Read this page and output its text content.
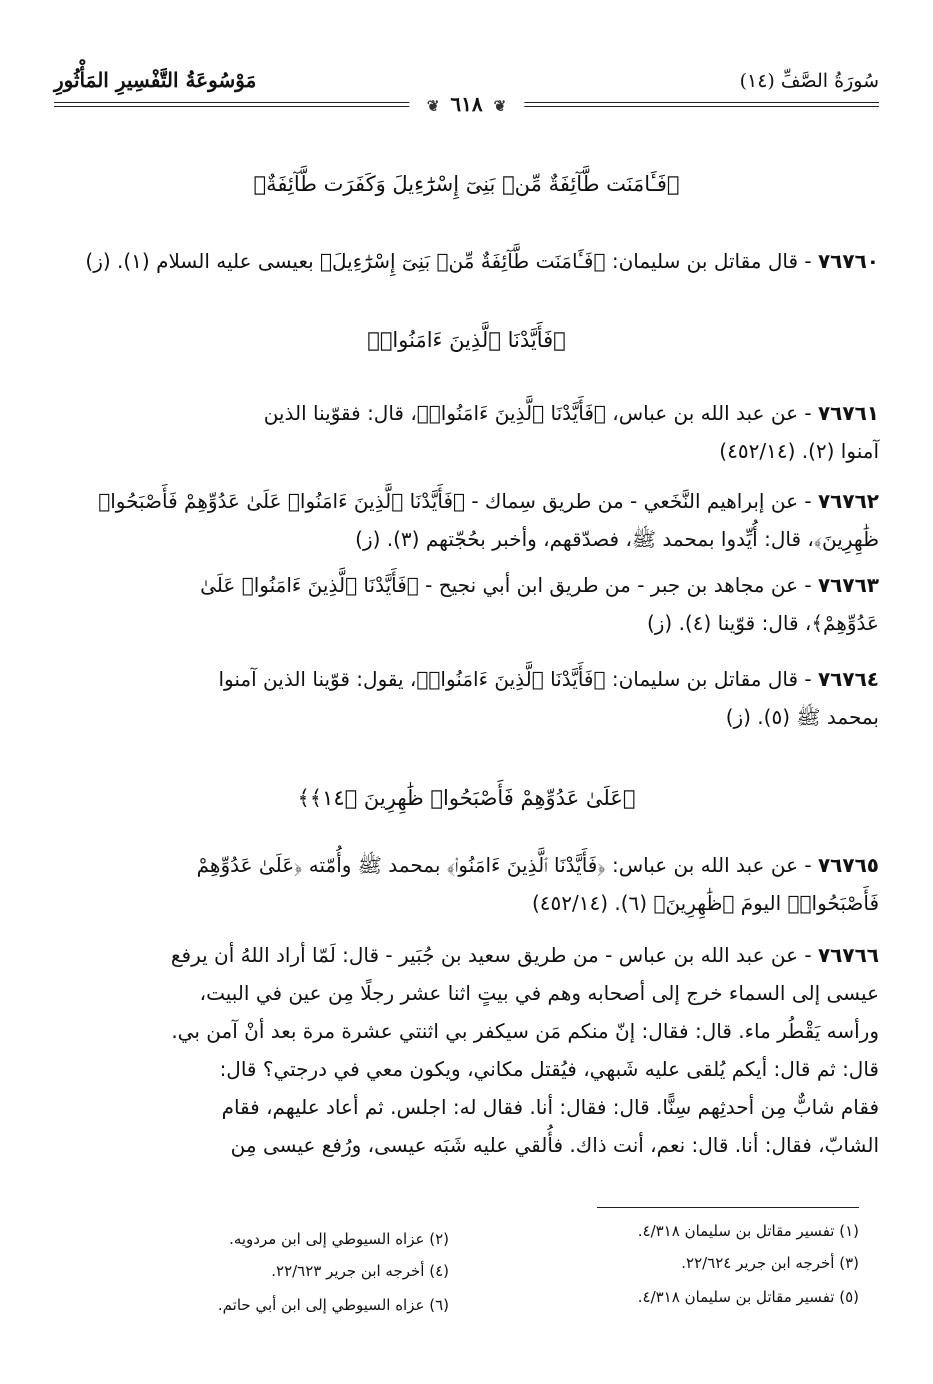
سُورَةُ الصَّفِّ (١٤)
مَوْسُوعَةُ التَّفْسِيرِ المَأْثُورِ
❦ ٦١٨ ❦
﴿فَـَٔامَنَت طَّآئِفَةٌ مِّنۢ بَنِىٓ إِسْرَٰٓءِيلَ وَكَفَرَت طَّآئِفَةٌ﴾
٧٦٧٦٠ - قال مقاتل بن سليمان: ﴿فَـَٔامَنَت طَّآئِفَةٌ مِّنۢ بَنِىٓ إِسْرَٰٓءِيلَ﴾ بعيسى عليه السلام (١). (ز)
﴿فَأَيَّدْنَا ٱلَّذِينَ ءَامَنُوا۟﴾
٧٦٧٦١ - عن عبد الله بن عباس، ﴿فَأَيَّدْنَا ٱلَّذِينَ ءَامَنُوا۟﴾، قال: فقوّينا الذين
آمنوا (٢). (٤٥٢/١٤)
٧٦٧٦٢ - عن إبراهيم النَّخَعي - من طريق سِماك - ﴿فَأَيَّدْنَا ٱلَّذِينَ ءَامَنُوا۟ عَلَىٰ عَدُوِّهِمْ فَأَصْبَحُوا۟
ظَٰهِرِينَ﴾، قال: أُيِّدوا بمحمد ﷺ، فصدّقهم، وأخبر بحُجّتهم (٣). (ز)
٧٦٧٦٣ - عن مجاهد بن جبر - من طريق ابن أبي نجيح - ﴿فَأَيَّدْنَا ٱلَّذِينَ ءَامَنُوا۟ عَلَىٰ
عَدُوِّهِمْ﴾، قال: قوّينا (٤). (ز)
٧٦٧٦٤ - قال مقاتل بن سليمان: ﴿فَأَيَّدْنَا ٱلَّذِينَ ءَامَنُوا۟﴾، يقول: قوّينا الذين آمنوا
بمحمد ﷺ (٥). (ز)
﴿عَلَىٰ عَدُوِّهِمْ فَأَصْبَحُوا۟ ظَٰهِرِينَ ﴿١٤﴾﴾
٧٦٧٦٥ - عن عبد الله بن عباس: ﴿فَأَيَّدْنَا ٱلَّذِينَ ءَامَنُوا۟﴾ بمحمد ﷺ وأُمّته ﴿عَلَىٰ عَدُوِّهِمْ
فَأَصْبَحُوا۟﴾ اليومَ ﴿ظَٰهِرِينَ﴾ (٦). (٤٥٢/١٤)
٧٦٧٦٦ - عن عبد الله بن عباس - من طريق سعيد بن جُبَير - قال: لَمّا أراد اللهُ أن يرفع
عيسى إلى السماء خرج إلى أصحابه وهم في بيتٍ اثنا عشر رجلًا مِن عين في البيت،
ورأسه يَقْطُر ماء. قال: فقال: إنّ منكم مَن سيكفر بي اثنتي عشرة مرة بعد أنْ آمن بي.
قال: ثم قال: أيكم يُلقى عليه شَبهي، فيُقتل مكاني، ويكون معي في درجتي؟ قال:
فقام شابٌّ مِن أحدثِهم سِنًّا. قال: فقال: أنا. فقال له: اجلس. ثم أعاد عليهم، فقام
الشابّ، فقال: أنا. قال: نعم، أنت ذاك. فأُلقي عليه شَبَه عيسى، ورُفع عيسى مِن
(١) تفسير مقاتل بن سليمان ٤/٣١٨.
(٢) عزاه السيوطي إلى ابن مردويه.
(٣) أخرجه ابن جرير ٢٢/٦٢٤.
(٤) أخرجه ابن جرير ٢٢/٦٢٣.
(٥) تفسير مقاتل بن سليمان ٤/٣١٨.
(٦) عزاه السيوطي إلى ابن أبي حاتم.
